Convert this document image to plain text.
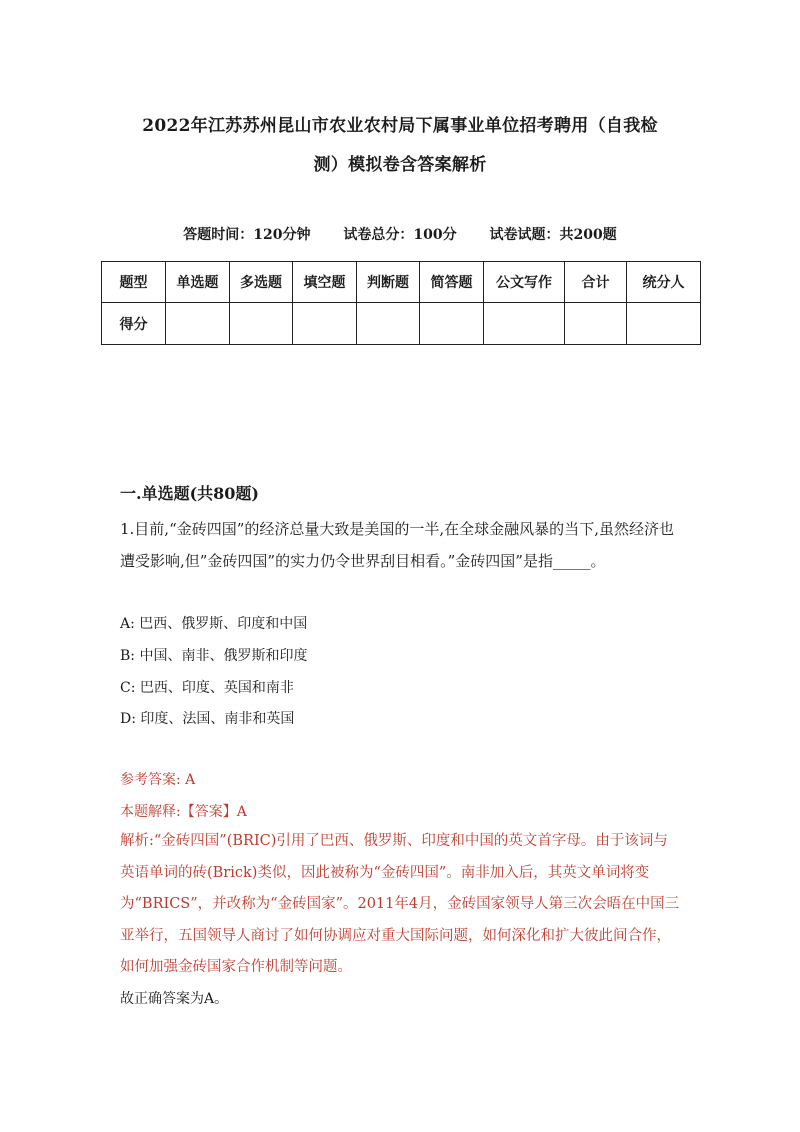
2022年江苏苏州昆山市农业农村局下属事业单位招考聘用（自我检
测）模拟卷含答案解析
答题时间：120分钟 试卷总分：100分 试卷试题：共200题
题型	单选题	多选题	填空题	判断题	简答题	公文写作	合计	统分人
得分								
一.单选题(共80题)
1.目前,“金砖四国”的经济总量大致是美国的一半,在全球金融风暴的当下,虽然经济也遭受影响,但”金砖四国”的实力仍令世界刮目相看。”金砖四国”是指_____。
A: 巴西、俄罗斯、印度和中国
B: 中国、南非、俄罗斯和印度
C: 巴西、印度、英国和南非
D: 印度、法国、南非和英国
参考答案: A
本题解释:【答案】A
解析:“金砖四国”(BRIC)引用了巴西、俄罗斯、印度和中国的英文首字母。由于该词与英语单词的砖(Brick)类似，因此被称为“金砖四国”。南非加入后，其英文单词将变为“BRICS”，并改称为“金砖国家”。2011年4月，金砖国家领导人第三次会晤在中国三亚举行，五国领导人商讨了如何协调应对重大国际问题，如何深化和扩大彼此间合作，如何加强金砖国家合作机制等问题。
故正确答案为A。
